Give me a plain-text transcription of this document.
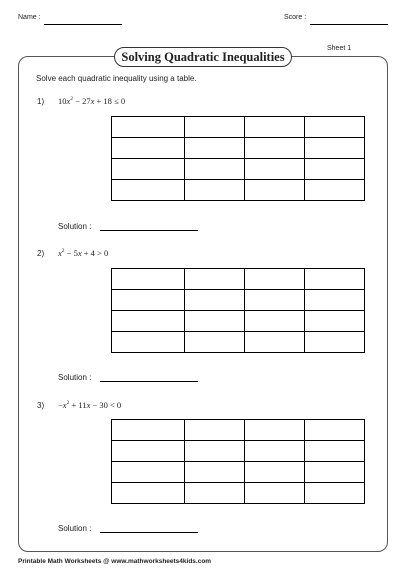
Name :	Score :
Solving Quadratic Inequalities
Sheet 1
Solve each quadratic inequality using a table.
1) $10x^2 - 27x + 18 \le 0$

Solution :
2) $x^2 - 5x + 4 > 0$

Solution :
$3) -x^2 + 11x - 30 < 0$

Solution :
Printable Math Worksheets @ www.mathworksheets4kids.com
